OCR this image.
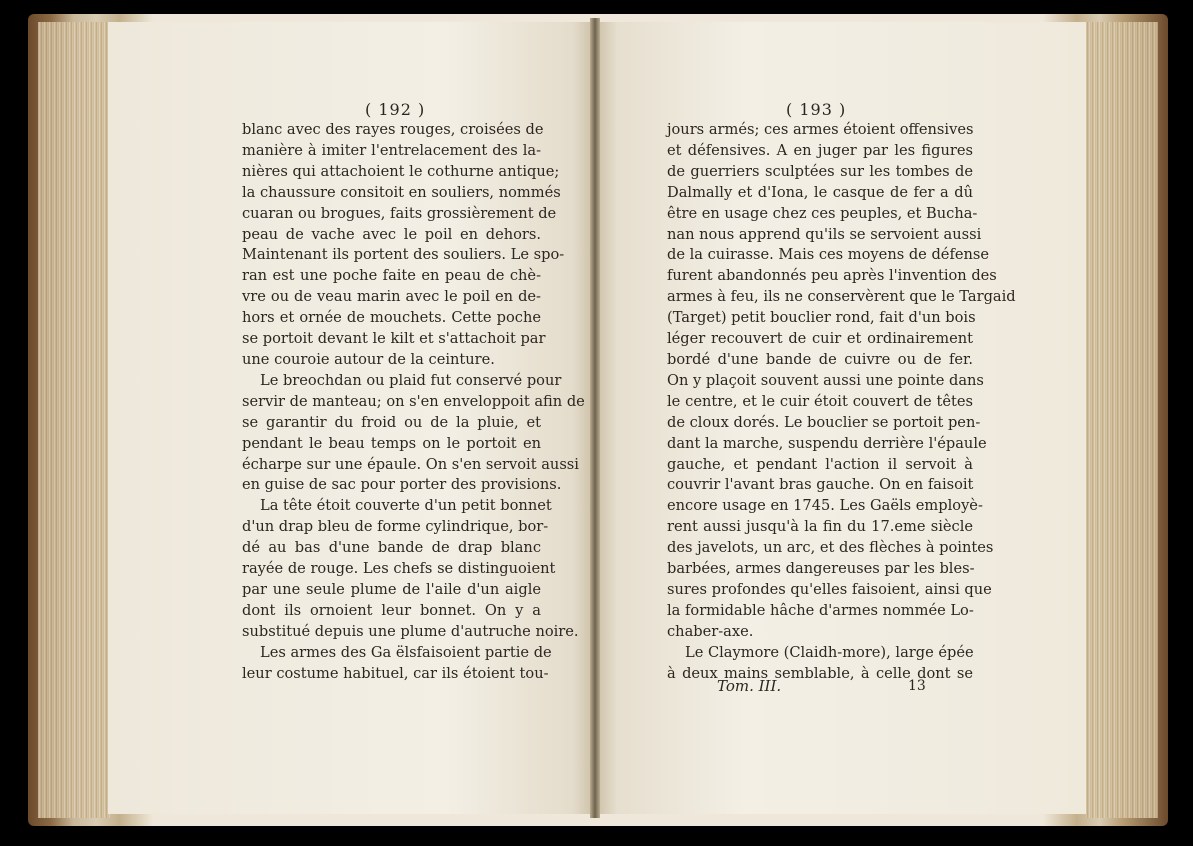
( 192 )
blanc avec des rayes rouges, croisées de
manière à imiter l'entrelacement des la-
nières qui attachoient le cothurne antique;
la chaussure consitoit en souliers, nommés
cuaran ou brogues, faits grossièrement de
peau de vache avec le poil en dehors.
Maintenant ils portent des souliers. Le spo-
ran est une poche faite en peau de chè-
vre ou de veau marin avec le poil en de-
hors et ornée de mouchets. Cette poche
se portoit devant le kilt et s'attachoit par
une couroie autour de la ceinture.
Le breochdan ou plaid fut conservé pour
servir de manteau; on s'en enveloppoit afin de
se garantir du froid ou de la pluie, et
pendant le beau temps on le portoit en
écharpe sur une épaule. On s'en servoit aussi
en guise de sac pour porter des provisions.
La tête étoit couverte d'un petit bonnet
d'un drap bleu de forme cylindrique, bor-
dé au bas d'une bande de drap blanc
rayée de rouge. Les chefs se distinguoient
par une seule plume de l'aile d'un aigle
dont ils ornoient leur bonnet. On y a
substitué depuis une plume d'autruche noire.
Les armes des Ga ëlsfaisoient partie de
leur costume habituel, car ils étoient tou-
( 193 )
jours armés; ces armes étoient offensives
et défensives. A en juger par les figures
de guerriers sculptées sur les tombes de
Dalmally et d'Iona, le casque de fer a dû
être en usage chez ces peuples, et Bucha-
nan nous apprend qu'ils se servoient aussi
de la cuirasse. Mais ces moyens de défense
furent abandonnés peu après l'invention des
armes à feu, ils ne conservèrent que le Targaid
(Target) petit bouclier rond, fait d'un bois
léger recouvert de cuir et ordinairement
bordé d'une bande de cuivre ou de fer.
On y plaçoit souvent aussi une pointe dans
le centre, et le cuir étoit couvert de têtes
de cloux dorés. Le bouclier se portoit pen-
dant la marche, suspendu derrière l'épaule
gauche, et pendant l'action il servoit à
couvrir l'avant bras gauche. On en faisoit
encore usage en 1745. Les Gaëls employè-
rent aussi jusqu'à la fin du 17.eme siècle
des javelots, un arc, et des flèches à pointes
barbées, armes dangereuses par les bles-
sures profondes qu'elles faisoient, ainsi que
la formidable hâche d'armes nommée Lo-
chaber-axe.
Le Claymore (Claidh-more), large épée
à deux mains semblable, à celle dont se
Tom. III.	13
